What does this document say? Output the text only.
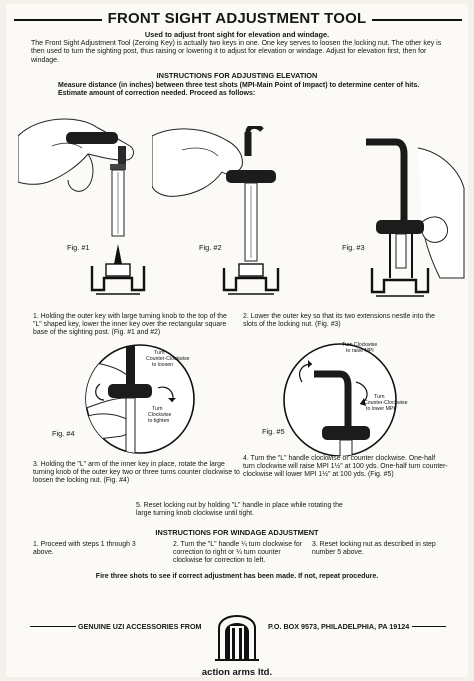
FRONT SIGHT ADJUSTMENT TOOL
Used to adjust front sight for elevation and windage.
The Front Sight Adjustment Tool (Zeroing Key) is actually two keys in one. One key serves to loosen the locking nut. The other key is then used to turn the sighting post, thus raising or lowering it to adjust for elevation or windage. Adjust for elevation first, then for windage.
INSTRUCTIONS FOR ADJUSTING ELEVATION
Measure distance (in inches) between three test shots (MPI-Main Point of Impact) to determine center of hits. Estimate amount of correction needed. Proceed as follows:
Fig. #1	Fig. #2	Fig. #3
1. Holding the outer key with large turning knob to the top of the "L" shaped key, lower the inner key over the rectangular square base of the sighting post. (Fig. #1 and #2)
2. Lower the outer key so that its two extensions nestle into the slots of the locking nut. (Fig. #3)
Turn Counter-Clockwise to loosen
Turn Clockwise to tighten
Fig. #4
Turn Clockwise to raise MPI
Turn Counter-Clockwise to lower MPI
Fig. #5
3. Holding the "L" arm of the inner key in place, rotate the large turning knob of the outer key two or three turns counter clockwise to loosen the locking nut. (Fig. #4)
4. Turn the "L" handle clockwise or counter clockwise. One-half turn clockwise will raise MPI 1½" at 100 yds. One-half turn counter-clockwise will lower MPI 1½" at 100 yds. (Fig. #5)
5. Reset locking nut by holding "L" handle in place while rotating the large turning knob clockwise until tight.
INSTRUCTIONS FOR WINDAGE ADJUSTMENT
1. Proceed with steps 1 through 3 above.
2. Turn the "L" handle ¼ turn clockwise for correction to right or ¼ turn counter clockwise for correction to left.
3. Reset locking nut as described in step number 5 above.
Fire three shots to see if correct adjustment has been made. If not, repeat procedure.
GENUINE UZI ACCESSORIES FROM	P.O. BOX 9573, PHILADELPHIA, PA 19124
action arms ltd.
